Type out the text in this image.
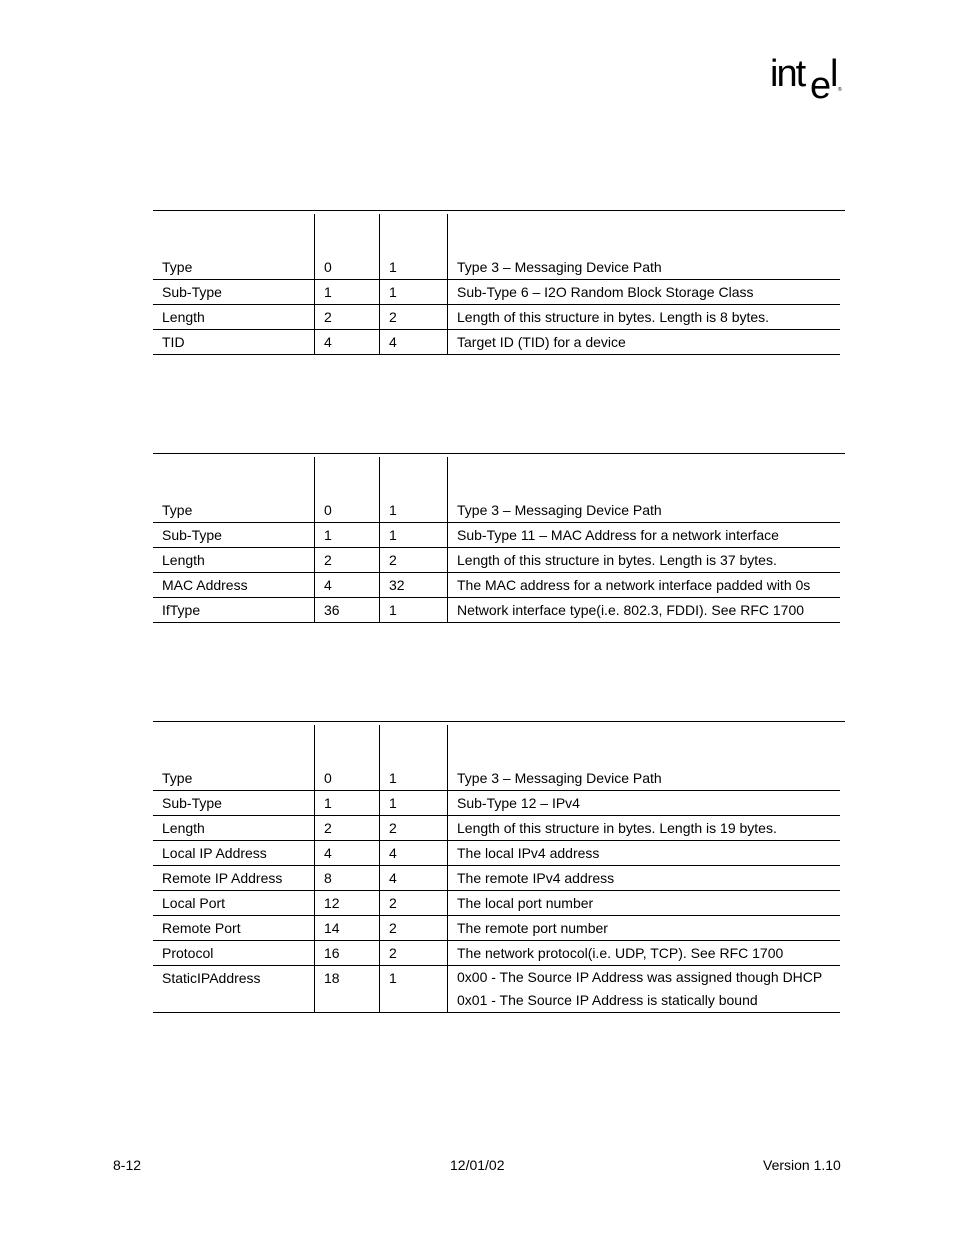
int e
l ®
Type	0	1	Type 3 – Messaging Device Path
Sub-Type	1	1	Sub-Type 6 – I2O Random Block Storage Class
Length	2	2	Length of this structure in bytes. Length is 8 bytes.
TID	4	4	Target ID (TID) for a device
Type	0	1	Type 3 – Messaging Device Path
Sub-Type	1	1	Sub-Type 11 – MAC Address for a network interface
Length	2	2	Length of this structure in bytes. Length is 37 bytes.
MAC Address	4	32	The MAC address for a network interface padded with 0s
IfType	36	1	Network interface type(i.e. 802.3, FDDI). See RFC 1700
Type	0	1	Type 3 – Messaging Device Path
Sub-Type	1	1	Sub-Type 12 – IPv4
Length	2	2	Length of this structure in bytes. Length is 19 bytes.
Local IP Address	4	4	The local IPv4 address
Remote IP Address	8	4	The remote IPv4 address
Local Port	12	2	The local port number
Remote Port	14	2	The remote port number
Protocol	16	2	The network protocol(i.e. UDP, TCP). See RFC 1700
StaticIPAddress	18	1	0x00 - The Source IP Address was assigned though DHCP
0x01 - The Source IP Address is statically bound
8-12	12/01/02	Version 1.10
